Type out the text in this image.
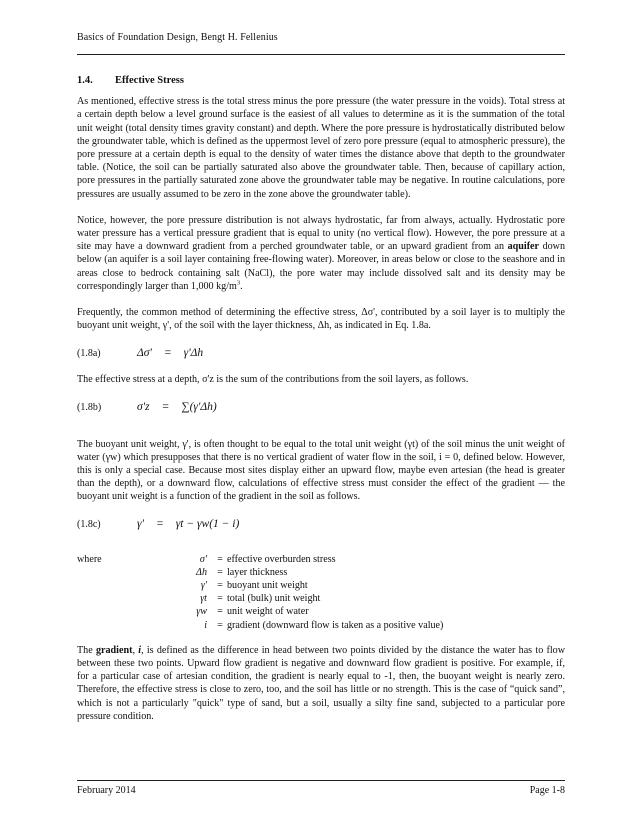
Basics of Foundation Design, Bengt H. Fellenius
1.4. Effective Stress

As mentioned, effective stress is the total stress minus the pore pressure (the water pressure in the voids). Total stress at a certain depth below a level ground surface is the easiest of all values to determine as it is the summation of the total unit weight (total density times gravity constant) and depth. Where the pore pressure is hydrostatically distributed below the groundwater table, which is defined as the uppermost level of zero pore pressure (equal to atmospheric pressure), the pore pressure at a certain depth is equal to the density of water times the distance above that depth to the groundwater table. (Notice, the soil can be partially saturated also above the groundwater table. Then, because of capillary action, pore pressures in the partially saturated zone above the groundwater table may be negative. In routine calculations, pore pressures are usually assumed to be zero in the zone above the groundwater table).

Notice, however, the pore pressure distribution is not always hydrostatic, far from always, actually. Hydrostatic pore water pressure has a vertical pressure gradient that is equal to unity (no vertical flow). However, the pore pressure at a site may have a downward gradient from a perched groundwater table, or an upward gradient from an aquifer down below (an aquifer is a soil layer containing free-flowing water). Moreover, in areas below or close to the seashore and in areas close to bedrock containing salt (NaCl), the pore water may include dissolved salt and its density may be correspondingly larger than 1,000 $kg/m^3$.

Frequently, the common method of determining the effective stress, Δσ', contributed by a soil layer is to multiply the buoyant unit weight, γ', of the soil with the layer thickness, Δh, as indicated in Eq. 1.8a.

(1.8a)	Δσ' = γ'Δh

The effective stress at a depth, σ'z is the sum of the contributions from the soil layers, as follows.

(1.8b)	σ'z = ∑(γ'Δh)

The buoyant unit weight, γ', is often thought to be equal to the total unit weight (γt) of the soil minus the unit weight of water (γw) which presupposes that there is no vertical gradient of water flow in the soil, i = 0, defined below. However, this is only a special case. Because most sites display either an upward flow, maybe even artesian (the head is greater than the depth), or a downward flow, calculations of effective stress must consider the effect of the gradient — the buoyant unit weight is a function of the gradient in the soil as follows.

(1.8c)	γ' = γt − γw(1 − i)
where	σ'	= effective overburden stress
Δh	= layer thickness
γ'	= buoyant unit weight
γt	= total (bulk) unit weight
γw	= unit weight of water
i	= gradient (downward flow is taken as a positive value)

The gradient, i, is defined as the difference in head between two points divided by the distance the water has to flow between these two points. Upward flow gradient is negative and downward flow gradient is positive. For example, if, for a particular case of artesian condition, the gradient is nearly equal to -1, then, the buoyant weight is nearly zero. Therefore, the effective stress is close to zero, too, and the soil has little or no strength. This is the case of “quick sand”, which is not a particularly "quick" type of sand, but a soil, usually a silty fine sand, subjected to a particular pore pressure condition.

February 2014	Page 1-8
